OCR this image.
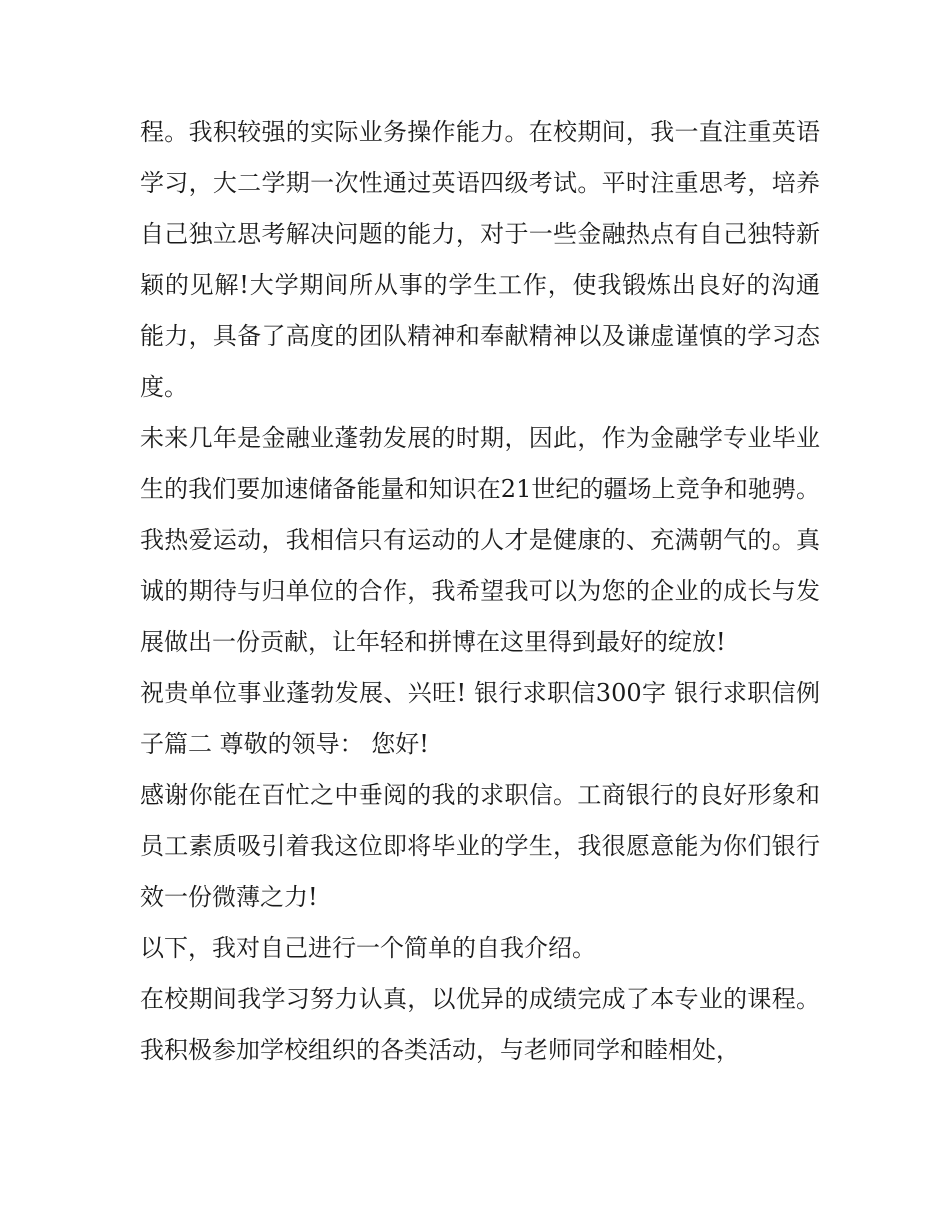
程。我积较强的实际业务操作能力。在校期间，我一直注重英语学习，大二学期一次性通过英语四级考试。平时注重思考，培养自己独立思考解决问题的能力，对于一些金融热点有自己独特新颖的见解!大学期间所从事的学生工作，使我锻炼出良好的沟通能力，具备了高度的团队精神和奉献精神以及谦虚谨慎的学习态度。

未来几年是金融业蓬勃发展的时期，因此，作为金融学专业毕业生的我们要加速储备能量和知识在21世纪的疆场上竞争和驰骋。我热爱运动，我相信只有运动的人才是健康的、充满朝气的。真诚的期待与归单位的合作，我希望我可以为您的企业的成长与发展做出一份贡献，让年轻和拼博在这里得到最好的绽放!

祝贵单位事业蓬勃发展、兴旺! 银行求职信300字 银行求职信例子篇二 尊敬的领导： 您好!

感谢你能在百忙之中垂阅的我的求职信。工商银行的良好形象和员工素质吸引着我这位即将毕业的学生，我很愿意能为你们银行效一份微薄之力!

以下，我对自己进行一个简单的自我介绍。

在校期间我学习努力认真，以优异的成绩完成了本专业的课程。我积极参加学校组织的各类活动，与老师同学和睦相处，
